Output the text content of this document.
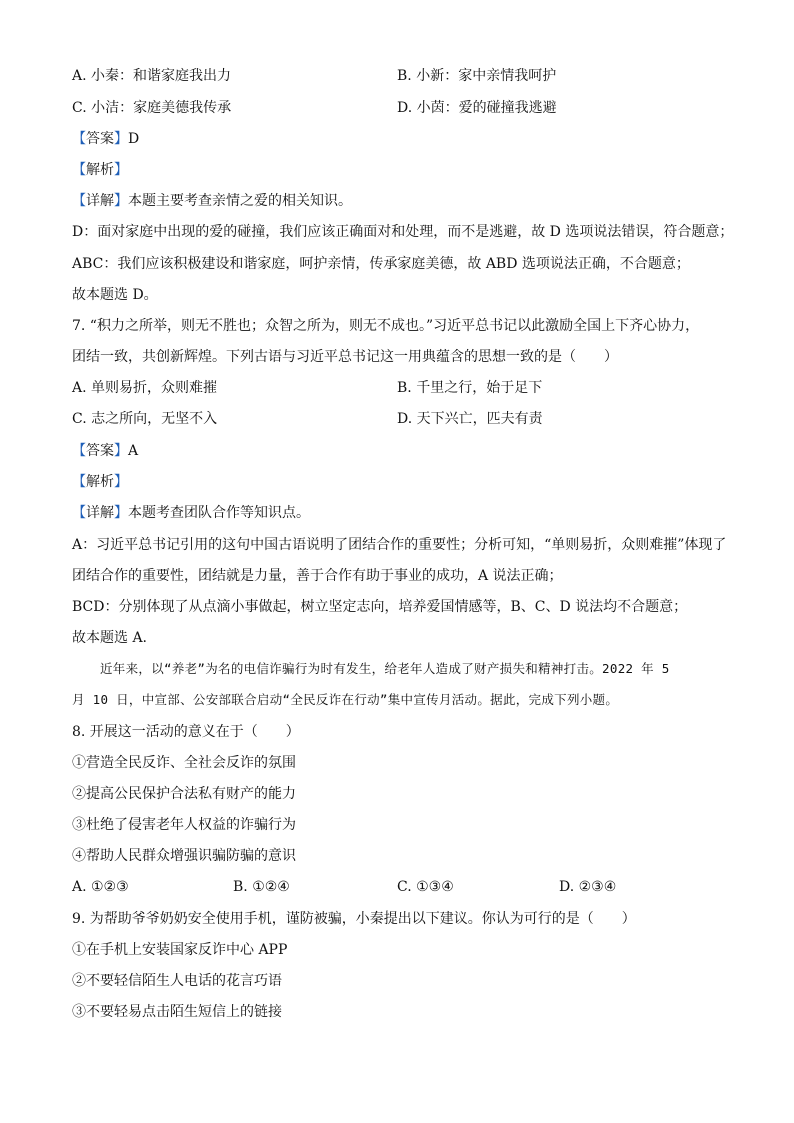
A. 小秦：和谐家庭我出力	B. 小新：家中亲情我呵护
C. 小洁：家庭美德我传承	D. 小茵：爱的碰撞我逃避
【答案】D
【解析】
【详解】本题主要考查亲情之爱的相关知识。
D：面对家庭中出现的爱的碰撞，我们应该正确面对和处理，而不是逃避，故 D 选项说法错误，符合题意；
ABC：我们应该积极建设和谐家庭，呵护亲情，传承家庭美德，故 ABD 选项说法正确，不合题意；
故本题选 D。
7. “积力之所举，则无不胜也；众智之所为，则无不成也。”习近平总书记以此激励全国上下齐心协力，
团结一致，共创新辉煌。下列古语与习近平总书记这一用典蕴含的思想一致的是（　　）
A. 单则易折，众则难摧	B. 千里之行，始于足下
C. 志之所向，无坚不入	D. 天下兴亡，匹夫有责
【答案】A
【解析】
【详解】本题考查团队合作等知识点。
A：习近平总书记引用的这句中国古语说明了团结合作的重要性；分析可知，“单则易折，众则难摧”体现了
团结合作的重要性，团结就是力量，善于合作有助于事业的成功，A 说法正确；
BCD：分别体现了从点滴小事做起，树立坚定志向，培养爱国情感等，B、C、D 说法均不合题意；
故本题选 A.
近年来，以“养老”为名的电信诈骗行为时有发生，给老年人造成了财产损失和精神打击。2022 年 5
月 10 日，中宣部、公安部联合启动“全民反诈在行动”集中宣传月活动。据此，完成下列小题。
8. 开展这一活动的意义在于（　　）
①营造全民反诈、全社会反诈的氛围
②提高公民保护合法私有财产的能力
③杜绝了侵害老年人权益的诈骗行为
④帮助人民群众增强识骗防骗的意识
A. ①②③	B. ①②④	C. ①③④	D. ②③④
9. 为帮助爷爷奶奶安全使用手机，谨防被骗，小秦提出以下建议。你认为可行的是（　　）
①在手机上安装国家反诈中心 APP
②不要轻信陌生人电话的花言巧语
③不要轻易点击陌生短信上的链接
